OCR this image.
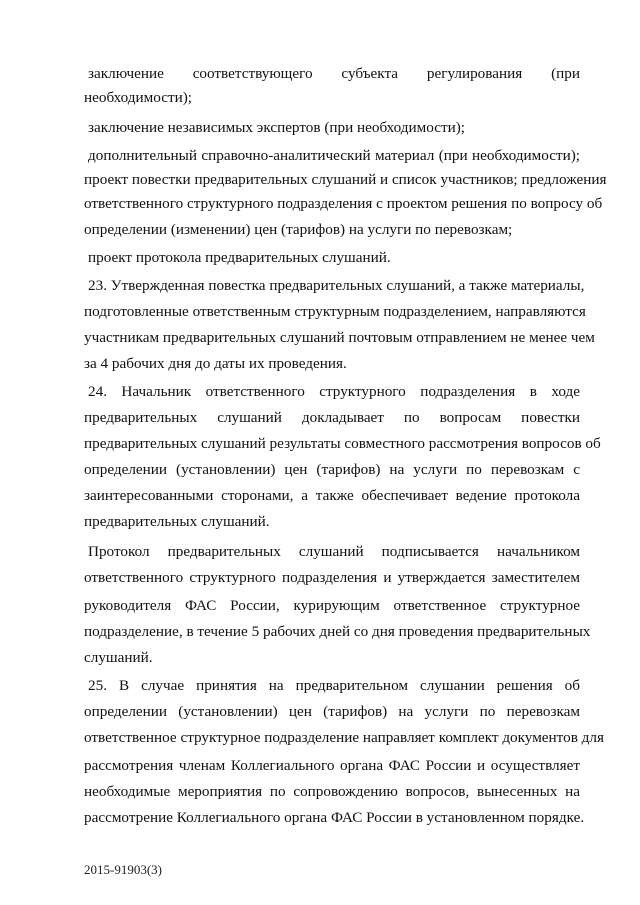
заключение соответствующего субъекта регулирования (при
необходимости);
заключение независимых экспертов (при необходимости);
дополнительный справочно-аналитический материал (при необходимости);
проект повестки предварительных слушаний и список участников; предложения
ответственного структурного подразделения с проектом решения по вопросу об
определении (изменении) цен (тарифов) на услуги по перевозкам;
проект протокола предварительных слушаний.
23. Утвержденная повестка предварительных слушаний, а также материалы,
подготовленные ответственным структурным подразделением, направляются
участникам предварительных слушаний почтовым отправлением не менее чем
за 4 рабочих дня до даты их проведения.
24. Начальник ответственного структурного подразделения в ходе
предварительных слушаний докладывает по вопросам повестки
предварительных слушаний результаты совместного рассмотрения вопросов об
определении (установлении) цен (тарифов) на услуги по перевозкам с
заинтересованными сторонами, а также обеспечивает ведение протокола
предварительных слушаний.
Протокол предварительных слушаний подписывается начальником
ответственного структурного подразделения и утверждается заместителем
руководителя ФАС России, курирующим ответственное структурное
подразделение, в течение 5 рабочих дней со дня проведения предварительных
слушаний.
25. В случае принятия на предварительном слушании решения об
определении (установлении) цен (тарифов) на услуги по перевозкам
ответственное структурное подразделение направляет комплект документов для
рассмотрения членам Коллегиального органа ФАС России и осуществляет
необходимые мероприятия по сопровождению вопросов, вынесенных на
рассмотрение Коллегиального органа ФАС России в установленном порядке.
2015-91903(3)
